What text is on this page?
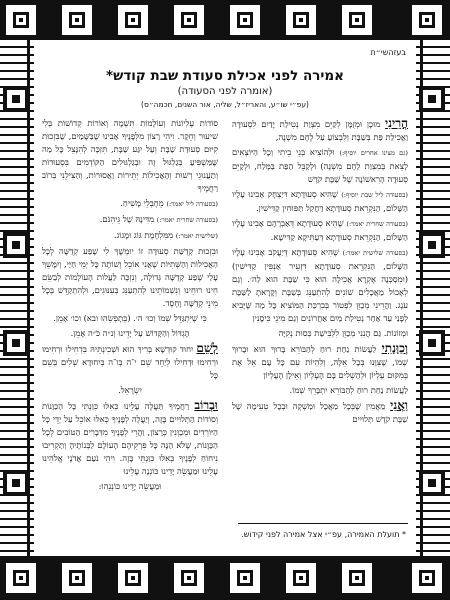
בעזהשי״ת
אמירה לפני אכילת סעודת שבת קודש*
(אומרה לפני הסעודה)
(עפ״י שו״ע, והאריז״ל, שליה, אור השנים, חכמה״ס)

הֲרֵינִי מוּכָן וּמְזֻמָּן לְקַיֵּם מִצְוַת נְטִילַת יָדַיִם לִסְעוּדָה וַאֲכִילַת פַּת בְּשַׁבָּת וְלִבְצוֹעַ עַל לֶחֶם מִשְׁנֶה,

(גם מצינו אחרים יוסיף:) וּלְהוֹצִיא בְּנֵי בֵיתִי וְכָל הַיּוֹצְאִים לָצֵאת בְּמִצְוַת לֶחֶם מִשְׁנֶה) וּלְקַבֵּל הַפַּת בַּמֶּלַח, וּלְקַיֵּם סְעוּדָה הָרִאשׁוֹנָה שֶׁל שַׁבָּת קֹדֶשׁ

(בסעודה ליל שבת יוסיף:) שֶׁהִיא סְעוּדָתָא דִּיַצְחָק אָבִינוּ עָלָיו הַשָּׁלוֹם, הַנִּקְרֵאת סְעוּדָתָא דַּחֲקַל תַּפּוּחִין קַדִּישִׁין.

(בסעודה שחרית יאמר:) שֶׁהִיא סְעוּדָתָא דְּאַבְרָהָם אָבִינוּ עָלָיו הַשָּׁלוֹם, הַנִּקְרֵאת סְעוּדָתָא דְּעַתִּיקָא קַדִּישָׁא.

(בסעודה שלישית יאמר:) שֶׁהִיא סְעוּדָתָא דְּיַעֲקֹב אָבִינוּ עָלָיו הַשָּׁלוֹם, הַנִּקְרֵאת סְעוּדָתָא דִּזְעֵיר אַנְפִּין קַדִּישִׁין) (וּמִסְכְּנָה אָקְרָא אֲכִילָה הוּא כִּי שַׁבָּת הוּא לַה׳. וְגַם לְאָכוֹל מַאֲכָלִים שׁוֹנִים לְהִתְעַנֵּג בְּשַׁבָּת וְקָרָאתָ לַשַּׁבָּת עֹנֶג. וַהֲרֵינִי מְכַוֵּן לִפְטוֹר בְּבִרְכַּת הַמּוֹצִיא כָּל מַה שֶּׁיָּבִיא לְפָנַי עַד אַחַר נְטִילַת מַיִם אַחֲרוֹנִים וְגַם מִינֵי כִּיסָנִין

וּמְזוֹנוֹת. גַּם הֲנִנִי מְכַוֵּן לִלְבִּישַׁת כְּסוּת נְקִיָּה

וְכַוָּנָתִי לַעֲשׂוֹת נַחַת רוּחַ לְהַבּוֹרֵא בָּרוּךְ הוּא וּבָרוּךְ שְׁמוֹ, שֶׁצִּוָּנוּ בְּכָל אֵלֶּה, וְלִהְיוֹת עִם כָּל עָם אֵל אֶת בְּמִקּוּם עֶלְיוֹן וּלְהַשְׁלִים בָּם הָעֶלְיוֹן וְאֵילָן הָעֶלְיוֹן

לַעֲשׂוֹת נַחַת רוּחַ לְהַבּוֹרֵא יִתְבָּרֵךְ שְׁמוֹ.

וַאֲנִי מַאֲמִין שֶׁבְּכָל מַאֲכָל וּמַשְׁקֶה וּבְכָל טְעִימָה שֶׁל שַׁבָּת קֹדֶשׁ תְּלוּיִים

סוֹדוֹת עֶלְיוֹנוֹת וְעוֹלָמוֹת תִּשְׁמָה וְאוֹרוֹת קְדוֹשׁוֹת בְּלִי שִׁיעוּר וְחֵקֶר. וִיהִי רָצוֹן מִלְּפָנֶיךָ אָבִינוּ שֶׁבַּשָּׁמַיִם, שֶׁבִּזְכוּת קִיּוּם סְעוּדַת שַׁבָּת וְעַל יִגַּע שַׁבָּת, תִּזְכֶּה לְהִנָּצֵל כָּל מַה שֶּׁמַּשְׁפִּיעַ בְּגַלְגּוּל זֶה וּבְגַלְגּוּלִים הַקּוֹדְמִים בִּסְעוּדוֹת וְתַעֲנוּגֵי רְשׁוּת וְהָאֲכִילוֹת יְתֵירוֹת וַאֲסוּרוֹת, וְהַצִּילֵנִי בְּרוֹב רַחֲמֶיךָ

(בסעודה ליל יאמר:) מֵחֶבְלֵי מָשִׁיחַ.

(בסעודה שחרית יאמר:) מִדִּינָהּ שֶׁל גֵּיהִנֹּם.

(שלישית יאמר:) מִמִּלְחֶמֶת גּוֹג וּמָגוֹג.

וּבִזְכוּת קְדֻשַּׁת סְעוּדָה זוֹ יוּמְשָׁךְ לִי שֶׁפַע קְדֻשָּׁה לְכָל הַאֲכִילוֹת וְהַשְּׁתִיּוֹת שֶׁאֲנִי אוֹכֵל וְשׁוֹתֶה כָּל יְמֵי חַיַּי, וְיִמָּשֵׁךְ עָלַי שֶׁפַע קְדֻשָּׁה גְּדוֹלָה, וְנִזְכֶּה לַעֲלוֹת הָעוֹלָמוֹת לְבַשֵּׂם חִינוּ רוּחֵינוּ וְנִשְׁמוֹתֵינוּ לְהִתְעַנֵּג בְּעִנּוּגִים, וּלְהִתְקַדֵּשׁ בְּכָל מִינֵי קְדֻשָּׁה וָחֶסֶד.

כִּי שֶׁיִּתְגַּדֵּל שְׁמוֹ וְכוּ׳ ה׳. (בְּתָפְשֵׂהוּ ובא) וכו׳ אָמֵן.

הָגְדּוֹל וְהַקָּדוֹשׁ עַל יָדֵינוּ וְנ״ה כֹּ״ה אָמֵן.

לְשֵׁם יִחוּד קוּדְשָׁא בְּרִיךְ הוּא וּשְׁכִינְתֵּיהּ בִּדְחִילוּ וּרְחִימוּ וּרְחִימוּ וּדְחִילוּ לְיַחֵד שֵׁם י־ה בְּו־ה בְּיִחוּדָא שְׁלִים בְּשֵׁם כָּל

יִשְׂרָאֵל.

וּבְרוֹב רַחֲמֶיךָ תַּעֲלֶה עָלֵינוּ כְּאִלּוּ כִּוַּנְתִּי כָּל הַכַּוָּנוֹת וְסוֹדוֹת הַתְּלוּיִים בָּזֶה, וְיַעֲלֶה לְפָנֶיךָ כְּאִלּוּ אוֹכֵל עַל יְדֵי כָּל הַיּוֹרְדִים וּמְכַוְּנִין כְּרָצוֹן, וַהֲרֵי לְפָנֶיךָ מִדְּבָרִים הַטּוֹבִים לְכָל הַכַּוָּנוֹת, שֶׁלֹּא הַנָּה כָּל פִּרְקֵיהֶם הָעוֹלָם לַבְּנוֹתֶיהָ וְתַקְרִיבוּ נִיחוֹחַ לְפָנֶיךָ כְּאִלּוּ כִּוַּנְתִּי בָּזֶה. וִיהִי נֹעַם אֲדֹנָי אֱלֹהֵינוּ עָלֵינוּ וּמַעֲשֵׂה יָדֵינוּ כּוֹנְנָה עָלֵינוּ

וּמַעֲשֵׂה יָדֵינוּ כּוֹנְנֵהוּ:

* תועלת האמירה, עפ״י אצל אמירה לפני קידוש.
